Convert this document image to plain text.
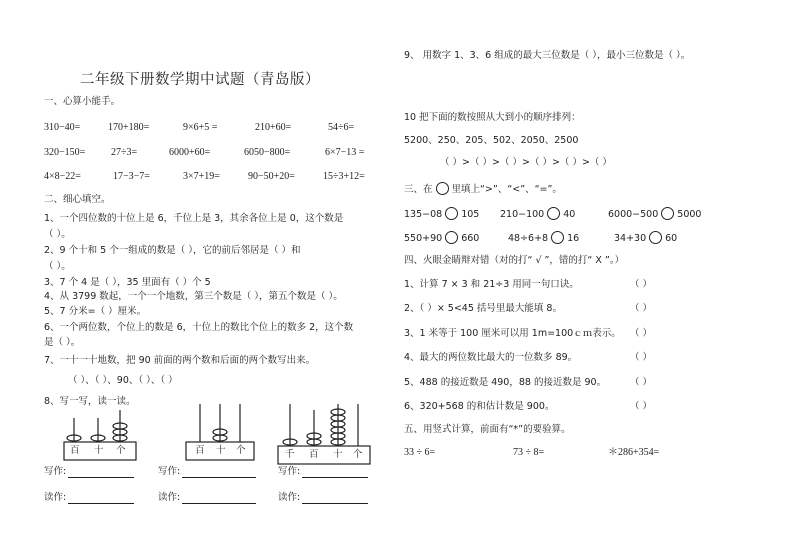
二年级下册数学期中试题（青岛版）
一、心算小能手。
310−40=	170+180=	9×6+5 =	210+60=	54÷6=
320−150=	27÷3=	6000+60=	6050−800=	6×7−13 =
4×8−22=	17−3−7=	3×7+19=	90−50+20=	15÷3+12=
二、细心填空。
1、一个四位数的十位上是 6，千位上是 3，其余各位上是 0，这个数是
（ ）。
2、9 个十和 5 个一组成的数是（ ），它的前后邻居是（ ）和
（ ）。
3、7 个 4 是（ ），35 里面有（ ）个 5
4、从 3799 数起，一个一个地数，第三个数是（ ），第五个数是（ ）。
5、7 分米=（ ）厘米。
6、一个两位数，个位上的数是 6，十位上的数比个位上的数多 2，这个数
是（ ）。
7、一十一十地数，把 90 前面的两个数和后面的两个数写出来。
（ ）、（ ）、90、（ ）、（ ）
8、写一写，读一读。
百 十 个	百 十 个	千 百 十 个
写作:	写作:	写作:
读作:	读作:	读作:
9、 用数字 1、3、6 组成的最大三位数是（ ），最小三位数是（ ）。
10 把下面的数按照从大到小的顺序排列：
5200、250、205、502、2050、2500
（ ）>（ ）>（ ）>（ ）>（ ）>（ ）
三、在 里填上“>”、“<”、“=”。
135−08 105 210−100 40	6000−500 5000
550+90 660	48÷6+8 16	34+30 60
四、火眼金睛辩对错（对的打“ √ ”，错的打“ X ”。）
1、计算 7 × 3 和 21÷3 用同一句口诀。	（ ）
2、（ ）× 5<45 括号里最大能填 8。	（ ）
3、1 米等于 100 厘米可以用 1m=100ｃｍ表示。 （ ）
4、最大的两位数比最大的一位数多 89。	（ ）
5、488 的接近数是 490，88 的接近数是 90。	（ ）
6、320+568 的和估计数是 900。	（ ）
五、用竖式计算，前面有“*”的要验算。
33 ÷ 6=	73 ÷ 8=	＊286+354=
